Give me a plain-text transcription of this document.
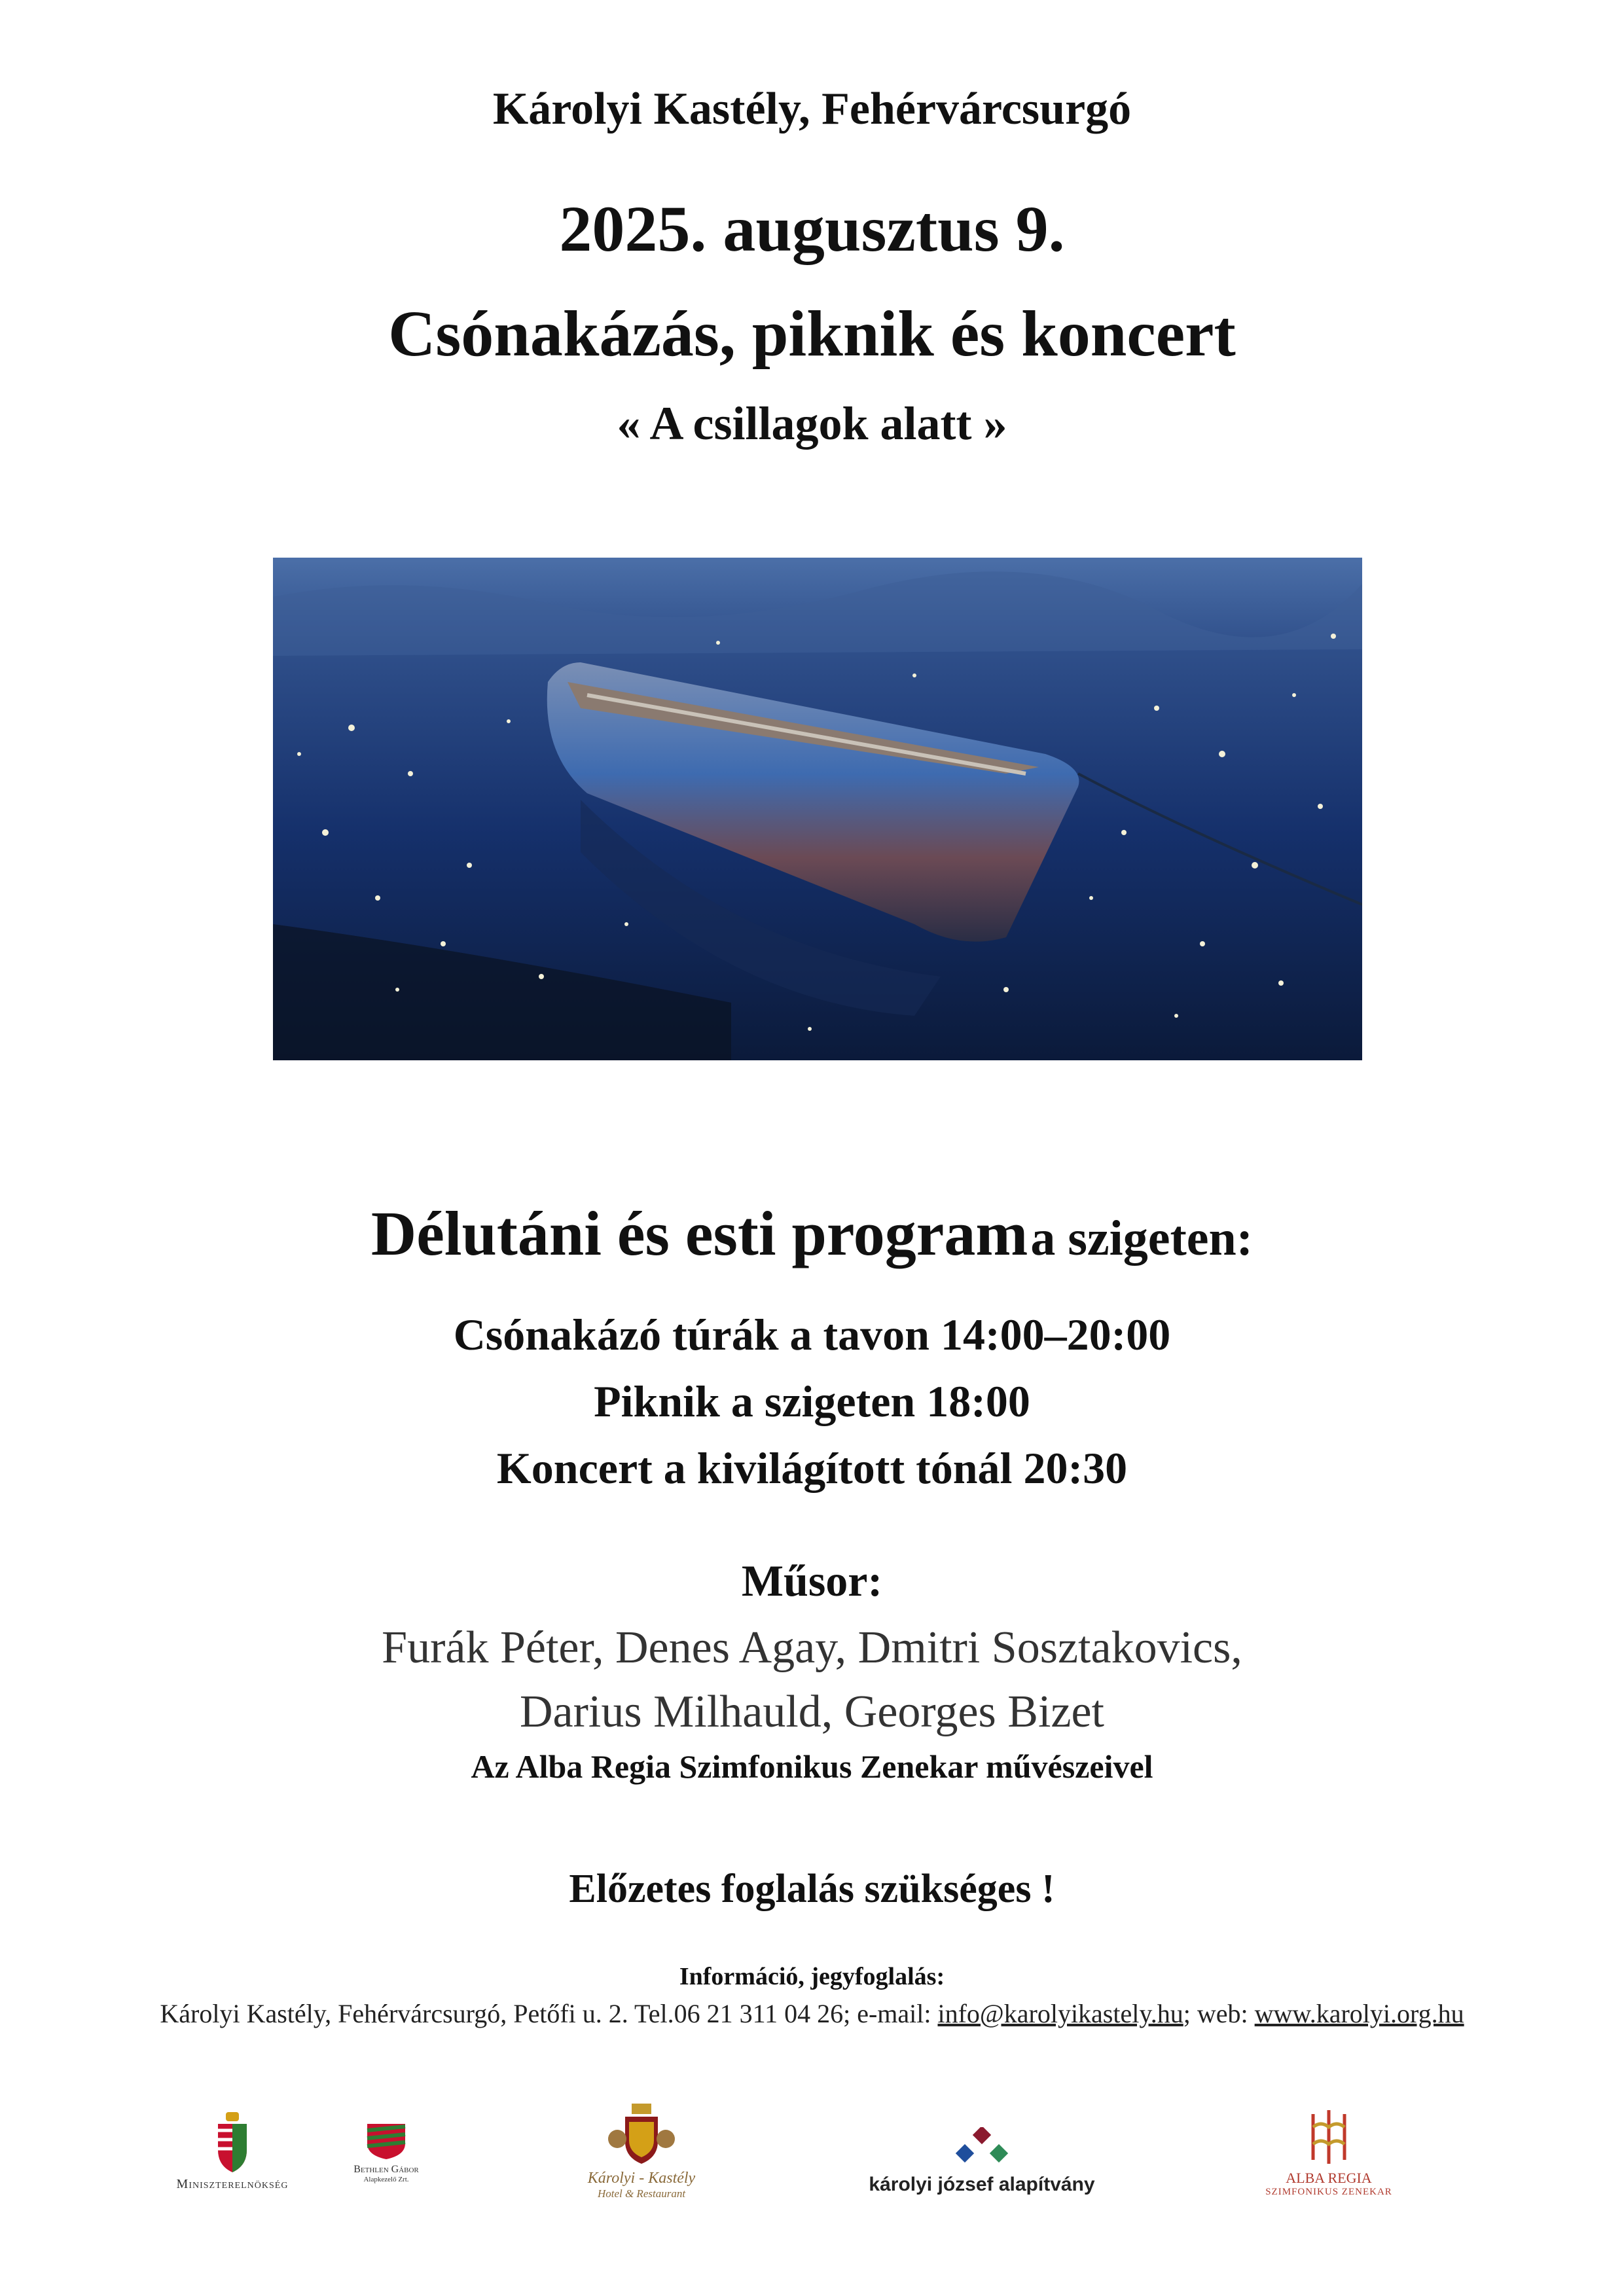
Károlyi Kastély, Fehérvárcsurgó
2025. augusztus 9.
Csónakázás, piknik és koncert
« A csillagok alatt »
Délutáni és esti program a szigeten:

Csónakázó túrák a tavon 14:00–20:00

Piknik a szigeten 18:00

Koncert a kivilágított tónál 20:30

Műsor:

Furák Péter, Denes Agay, Dmitri Sosztakovics,

Darius Milhauld, Georges Bizet

Az Alba Regia Szimfonikus Zenekar művészeivel

Előzetes foglalás szükséges !

Információ, jegyfoglalás:

Károlyi Kastély, Fehérvárcsurgó, Petőfi u. 2. Tel.06 21 311 04 26; e-mail: info@karolyikastely.hu; web: www.karolyi.org.hu

Miniszterelnökség
Bethlen Gábor
Alapkezelő Zrt.	Károlyi - Kastély
Hotel & Restaurant	károlyi józsef alapítvány	ALBA REGIA
SZIMFONIKUS ZENEKAR
